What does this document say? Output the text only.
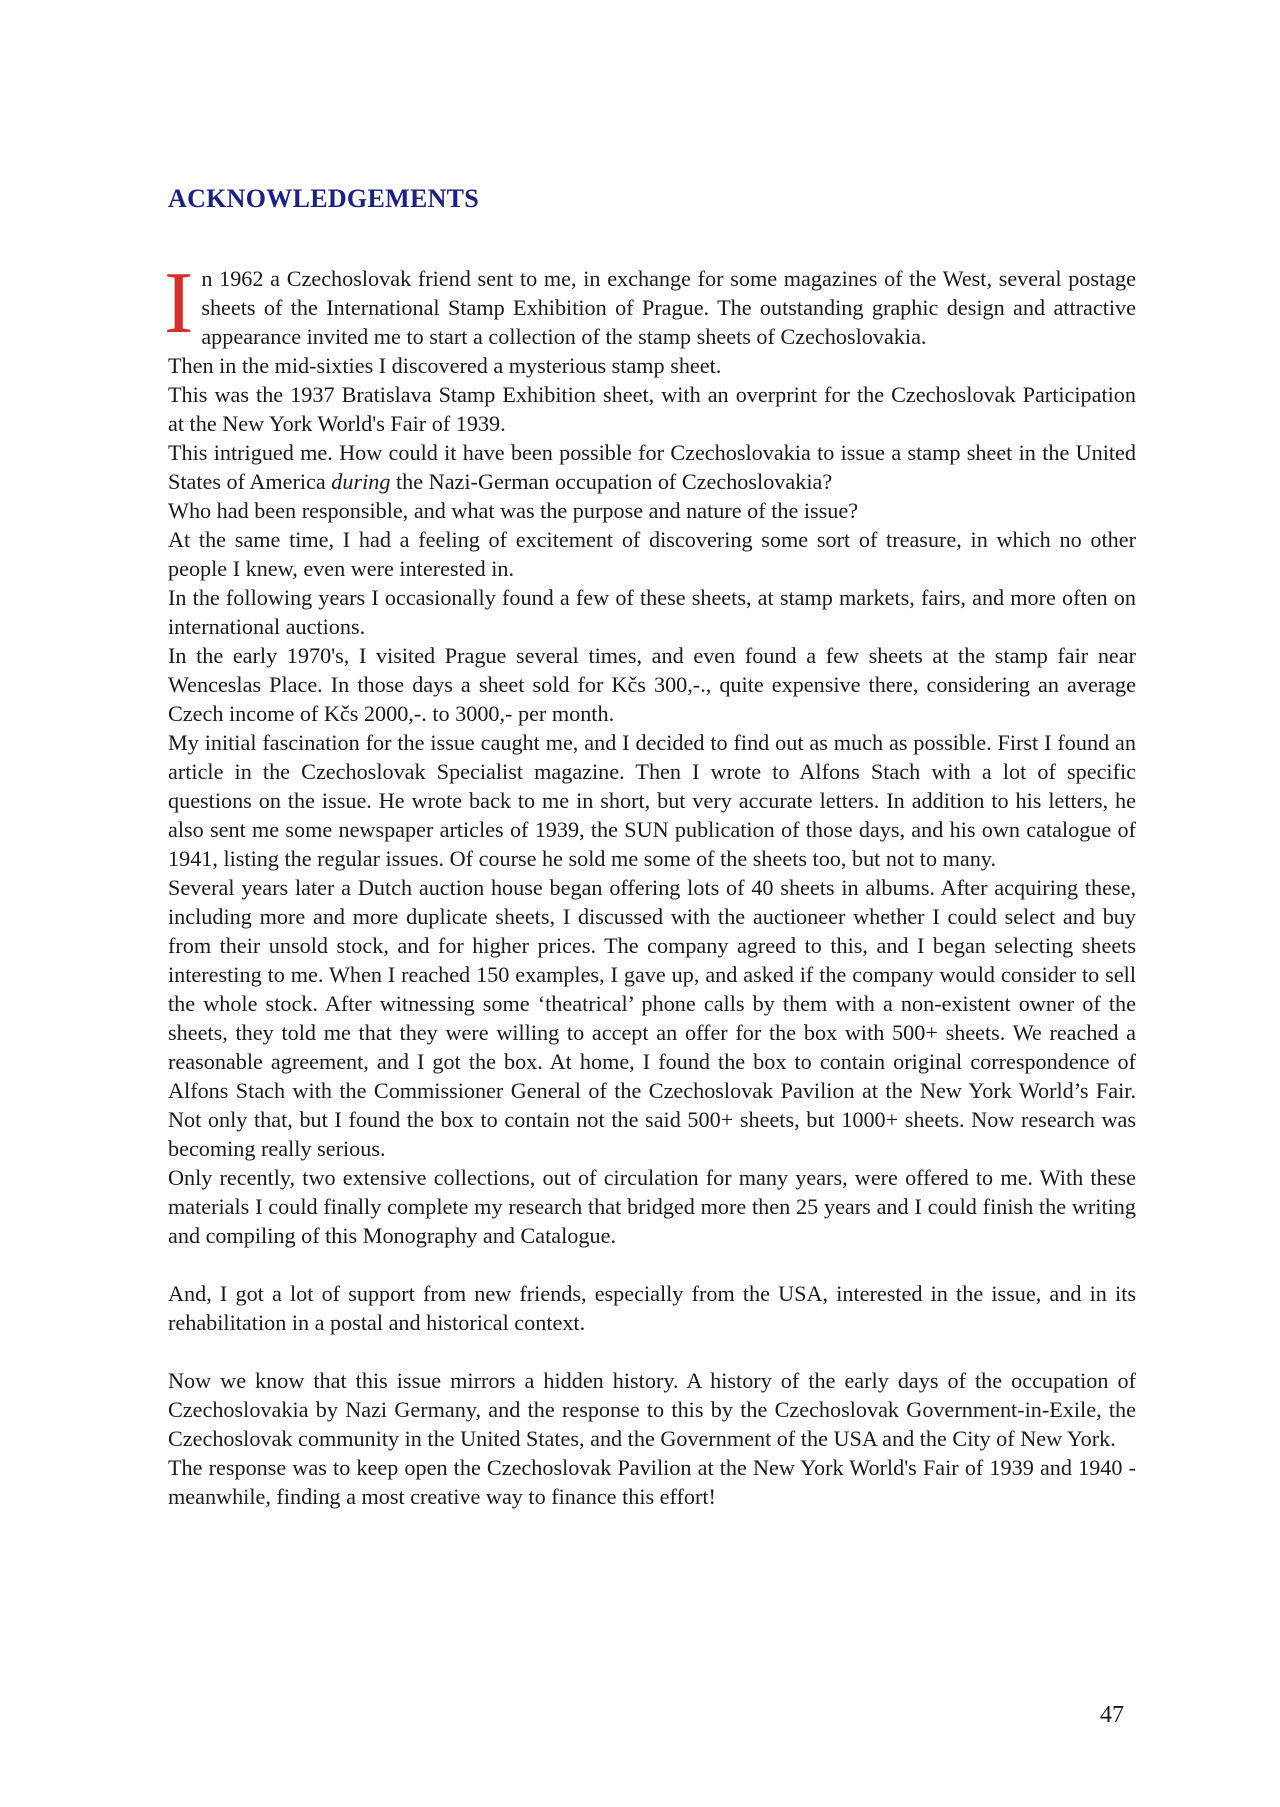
ACKNOWLEDGEMENTS

In 1962 a Czechoslovak friend sent to me, in exchange for some magazines of the West, several postage sheets of the International Stamp Exhibition of Prague. The outstanding graphic design and attractive appearance invited me to start a collection of the stamp sheets of Czechoslovakia.

Then in the mid-sixties I discovered a mysterious stamp sheet.

This was the 1937 Bratislava Stamp Exhibition sheet, with an overprint for the Czechoslovak Participation at the New York World's Fair of 1939.

This intrigued me. How could it have been possible for Czechoslovakia to issue a stamp sheet in the United States of America during the Nazi-German occupation of Czechoslovakia?

Who had been responsible, and what was the purpose and nature of the issue?

At the same time, I had a feeling of excitement of discovering some sort of treasure, in which no other people I knew, even were interested in.

In the following years I occasionally found a few of these sheets, at stamp markets, fairs, and more often on international auctions.

In the early 1970's, I visited Prague several times, and even found a few sheets at the stamp fair near Wenceslas Place. In those days a sheet sold for Kčs 300,-., quite expensive there, considering an average Czech income of Kčs 2000,-. to 3000,- per month.

My initial fascination for the issue caught me, and I decided to find out as much as possible. First I found an article in the Czechoslovak Specialist magazine. Then I wrote to Alfons Stach with a lot of specific questions on the issue. He wrote back to me in short, but very accurate letters. In addition to his letters, he also sent me some newspaper articles of 1939, the SUN publication of those days, and his own catalogue of 1941, listing the regular issues. Of course he sold me some of the sheets too, but not to many.

Several years later a Dutch auction house began offering lots of 40 sheets in albums. After acquiring these, including more and more duplicate sheets, I discussed with the auctioneer whether I could select and buy from their unsold stock, and for higher prices. The company agreed to this, and I began selecting sheets interesting to me. When I reached 150 examples, I gave up, and asked if the company would consider to sell the whole stock. After witnessing some ‘theatrical’ phone calls by them with a non-existent owner of the sheets, they told me that they were willing to accept an offer for the box with 500+ sheets. We reached a reasonable agreement, and I got the box. At home, I found the box to contain original correspondence of Alfons Stach with the Commissioner General of the Czechoslovak Pavilion at the New York World’s Fair. Not only that, but I found the box to contain not the said 500+ sheets, but 1000+ sheets. Now research was becoming really serious.

Only recently, two extensive collections, out of circulation for many years, were offered to me. With these materials I could finally complete my research that bridged more then 25 years and I could finish the writing and compiling of this Monography and Catalogue.

And, I got a lot of support from new friends, especially from the USA, interested in the issue, and in its rehabilitation in a postal and historical context.

Now we know that this issue mirrors a hidden history. A history of the early days of the occupation of Czechoslovakia by Nazi Germany, and the response to this by the Czechoslovak Government-in-Exile, the Czechoslovak community in the United States, and the Government of the USA and the City of New York.

The response was to keep open the Czechoslovak Pavilion at the New York World's Fair of 1939 and 1940 - meanwhile, finding a most creative way to finance this effort!

47
